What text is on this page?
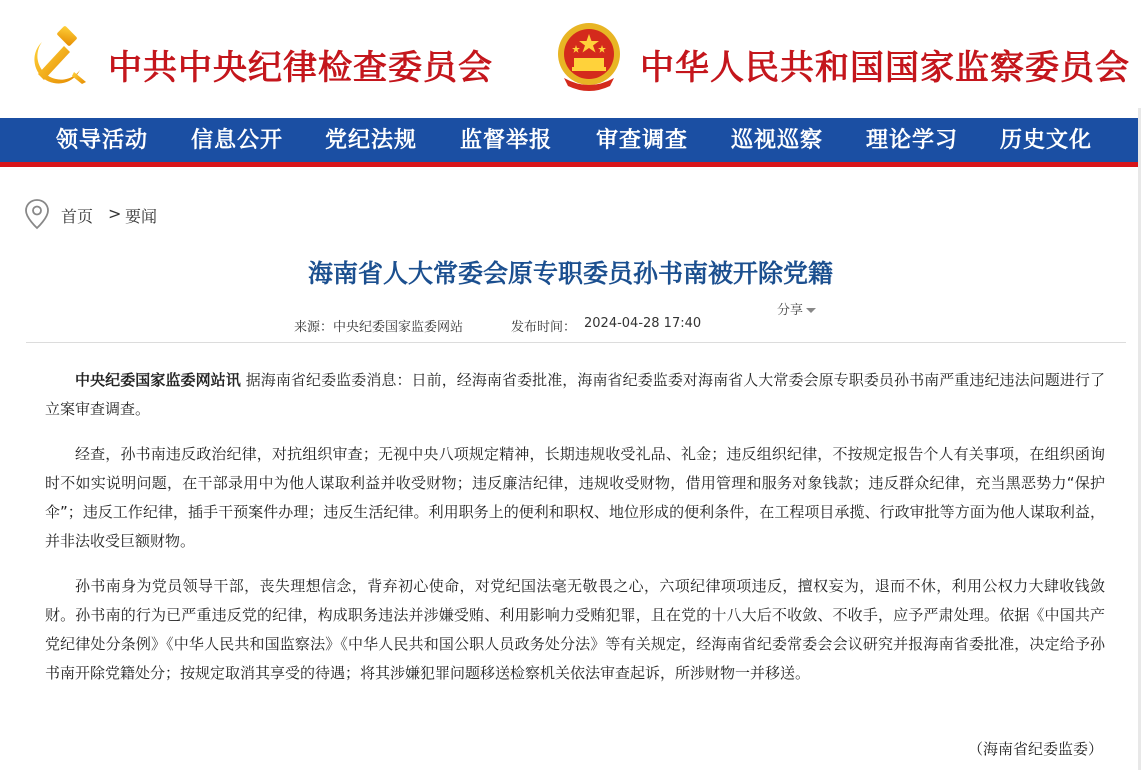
中共中央纪律检查委员会	中华人民共和国国家监察委员会
领导活动 信息公开 党纪法规 监督举报 审查调查 巡视巡察 理论学习 历史文化
首页 > 要闻
海南省人大常委会原专职委员孙书南被开除党籍
分享
来源：中央纪委国家监委网站	发布时间： 2024-04-28 17:40

中央纪委国家监委网站讯 据海南省纪委监委消息：日前，经海南省委批准，海南省纪委监委对海南省人大常委会原专职委员孙书南严重违纪违法问题进行了立案审查调查。

经查，孙书南违反政治纪律，对抗组织审查；无视中央八项规定精神，长期违规收受礼品、礼金；违反组织纪律，不按规定报告个人有关事项，在组织函询时不如实说明问题，在干部录用中为他人谋取利益并收受财物；违反廉洁纪律，违规收受财物，借用管理和服务对象钱款；违反群众纪律，充当黑恶势力“保护伞”；违反工作纪律，插手干预案件办理；违反生活纪律。利用职务上的便利和职权、地位形成的便利条件，在工程项目承揽、行政审批等方面为他人谋取利益，并非法收受巨额财物。

孙书南身为党员领导干部，丧失理想信念，背弃初心使命，对党纪国法毫无敬畏之心，六项纪律项项违反，擅权妄为，退而不休，利用公权力大肆收钱敛财。孙书南的行为已严重违反党的纪律，构成职务违法并涉嫌受贿、利用影响力受贿犯罪，且在党的十八大后不收敛、不收手，应予严肃处理。依据《中国共产党纪律处分条例》《中华人民共和国监察法》《中华人民共和国公职人员政务处分法》等有关规定，经海南省纪委常委会会议研究并报海南省委批准，决定给予孙书南开除党籍处分；按规定取消其享受的待遇；将其涉嫌犯罪问题移送检察机关依法审查起诉，所涉财物一并移送。

（海南省纪委监委）
